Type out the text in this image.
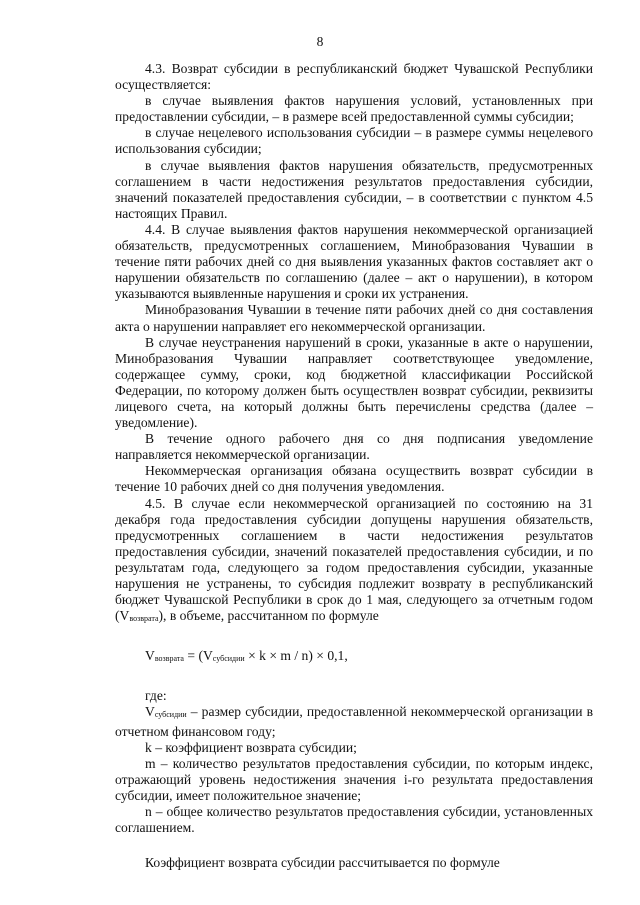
8

4.3. Возврат субсидии в республиканский бюджет Чувашской Республики осуществляется:

в случае выявления фактов нарушения условий, установленных при предоставлении субсидии, – в размере всей предоставленной суммы субсидии;

в случае нецелевого использования субсидии – в размере суммы нецелевого использования субсидии;

в случае выявления фактов нарушения обязательств, предусмотренных соглашением в части недостижения результатов предоставления субсидии, значений показателей предоставления субсидии, – в соответствии с пунктом 4.5 настоящих Правил.

4.4. В случае выявления фактов нарушения некоммерческой организацией обязательств, предусмотренных соглашением, Минобразования Чувашии в течение пяти рабочих дней со дня выявления указанных фактов составляет акт о нарушении обязательств по соглашению (далее – акт о нарушении), в котором указываются выявленные нарушения и сроки их устранения.

Минобразования Чувашии в течение пяти рабочих дней со дня составления акта о нарушении направляет его некоммерческой организации.

В случае неустранения нарушений в сроки, указанные в акте о нарушении, Минобразования Чувашии направляет соответствующее уведомление, содержащее сумму, сроки, код бюджетной классификации Российской Федерации, по которому должен быть осуществлен возврат субсидии, реквизиты лицевого счета, на который должны быть перечислены средства (далее – уведомление).

В течение одного рабочего дня со дня подписания уведомление направляется некоммерческой организации.

Некоммерческая организация обязана осуществить возврат субсидии в течение 10 рабочих дней со дня получения уведомления.

4.5. В случае если некоммерческой организацией по состоянию на 31 декабря года предоставления субсидии допущены нарушения обязательств, предусмотренных соглашением в части недостижения результатов предоставления субсидии, значений показателей предоставления субсидии, и по результатам года, следующего за годом предоставления субсидии, указанные нарушения не устранены, то субсидия подлежит возврату в республиканский бюджет Чувашской Республики в срок до 1 мая, следующего за отчетным годом (Vвозврата), в объеме, рассчитанном по формуле

Vвозврата = (Vсубсидии × k × m / n) × 0,1,

где:

Vсубсидии – размер субсидии, предоставленной некоммерческой организации в отчетном финансовом году;

k – коэффициент возврата субсидии;

m – количество результатов предоставления субсидии, по которым индекс, отражающий уровень недостижения значения i-го результата предоставления субсидии, имеет положительное значение;

n – общее количество результатов предоставления субсидии, установленных соглашением.

Коэффициент возврата субсидии рассчитывается по формуле
